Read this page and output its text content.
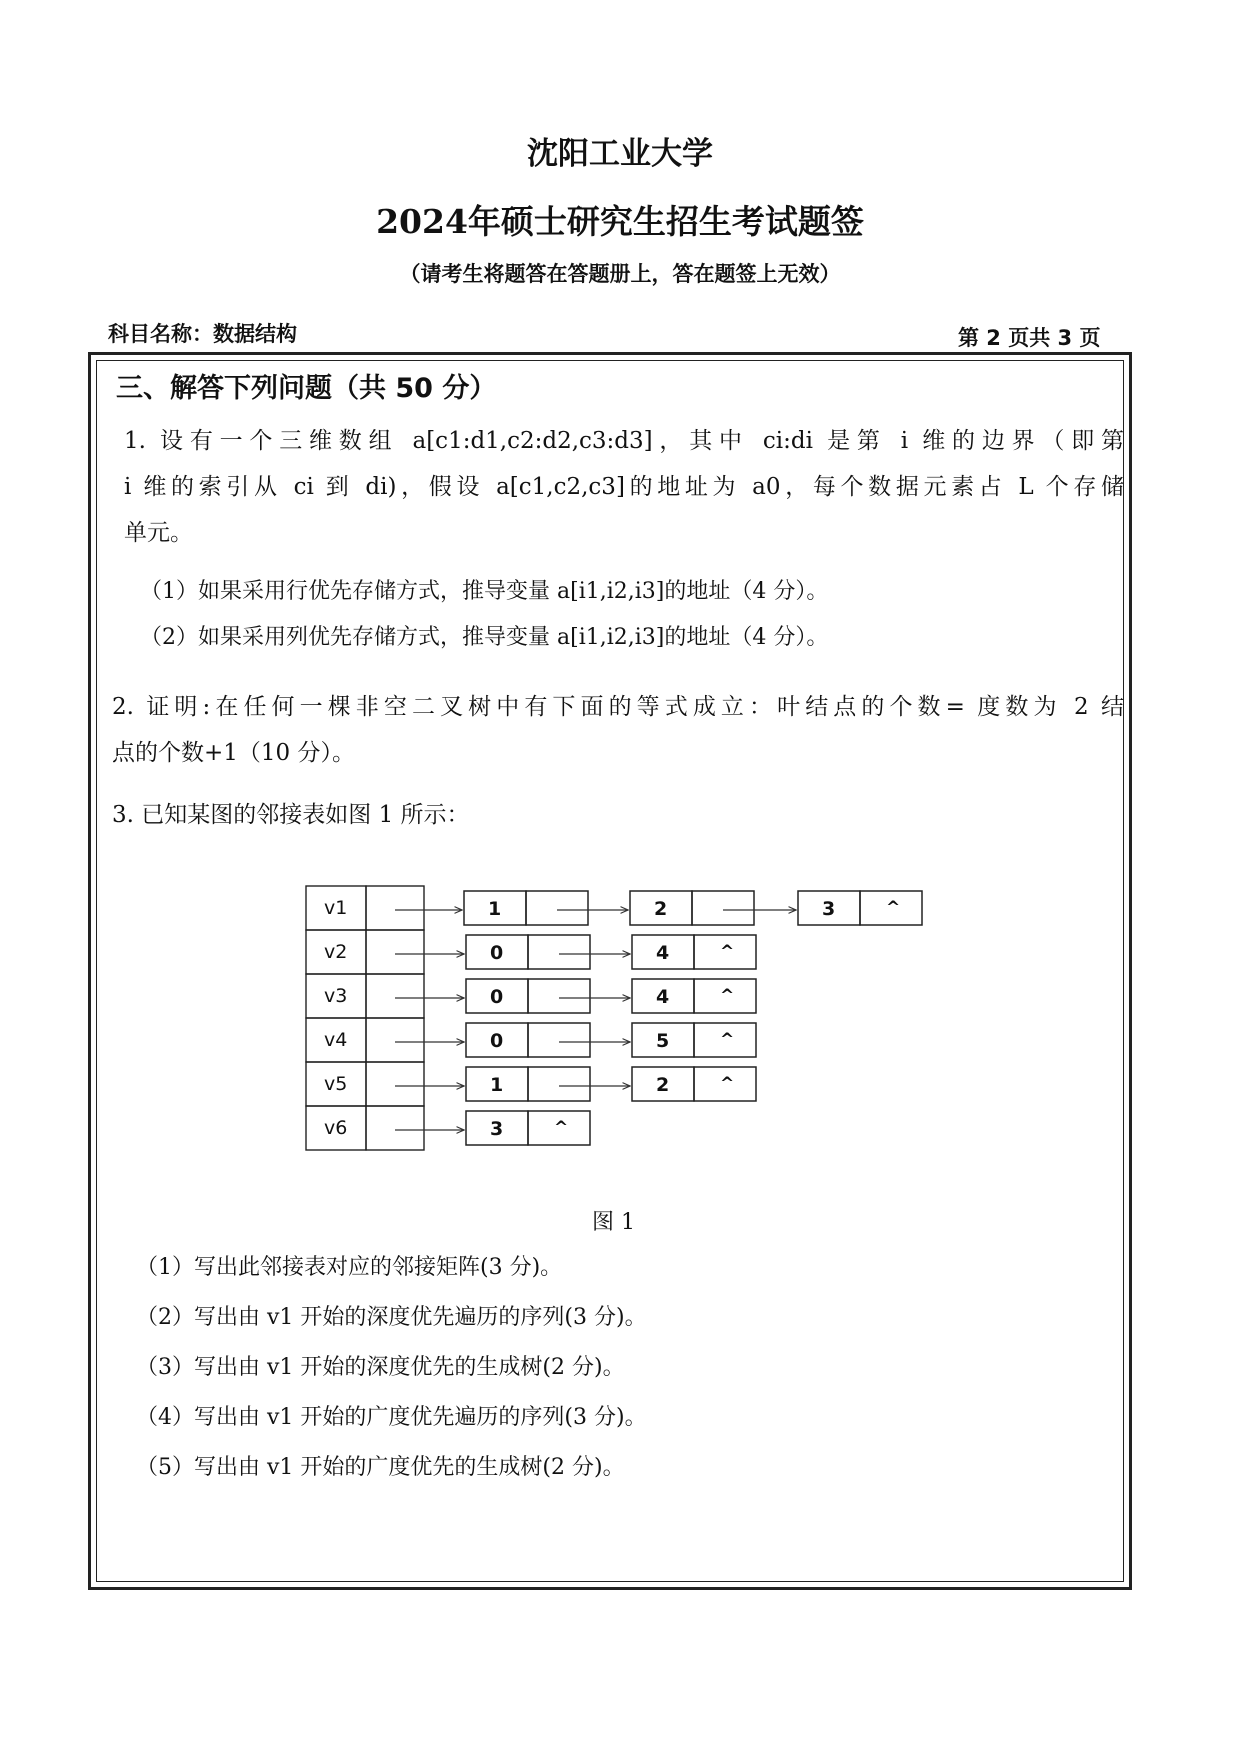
沈阳工业大学
2024年硕士研究生招生考试题签
（请考生将题答在答题册上，答在题签上无效）
科目名称：数据结构	第 2 页共 3 页
三、解答下列问题（共 50 分）
1. 设有一个三维数组 a[c1:d1,c2:d2,c3:d3]，其中 ci:di 是第 i 维的边界（即第
i 维的索引从 ci 到 di)，假设 a[c1,c2,c3]的地址为 a0，每个数据元素占 L 个存储
单元。
（1）如果采用行优先存储方式，推导变量 a[i1,i2,i3]的地址（4 分）。
（2）如果采用列优先存储方式，推导变量 a[i1,i2,i3]的地址（4 分）。
2. 证明:在任何一棵非空二叉树中有下面的等式成立：叶结点的个数= 度数为 2 结
点的个数+1（10 分）。
3. 已知某图的邻接表如图 1 所示：
v1	1	2	3	^
v2	0	4	^
v3	0	4	^
v4	0	5	^
v5	1	2	^
v6	3	^
图 1
（1）写出此邻接表对应的邻接矩阵(3 分)。
（2）写出由 v1 开始的深度优先遍历的序列(3 分)。
（3）写出由 v1 开始的深度优先的生成树(2 分)。
（4）写出由 v1 开始的广度优先遍历的序列(3 分)。
（5）写出由 v1 开始的广度优先的生成树(2 分)。
